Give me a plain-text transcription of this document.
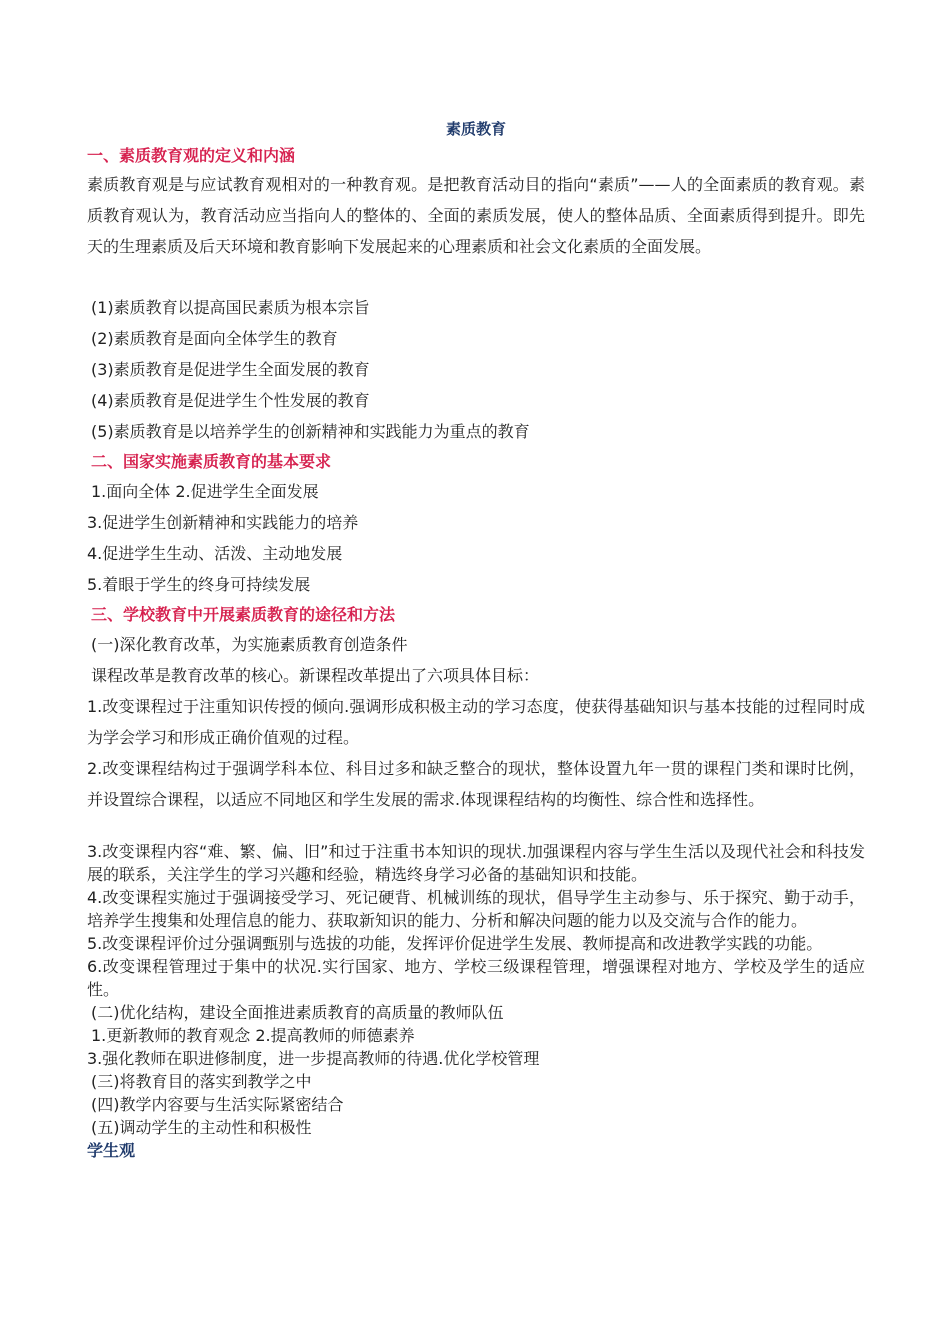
素质教育

一、素质教育观的定义和内涵

素质教育观是与应试教育观相对的一种教育观。是把教育活动目的指向“素质”——人的全面素质的教育观。素质教育观认为，教育活动应当指向人的整体的、全面的素质发展，使人的整体品质、全面素质得到提升。即先天的生理素质及后天环境和教育影响下发展起来的心理素质和社会文化素质的全面发展。

(1)素质教育以提高国民素质为根本宗旨

(2)素质教育是面向全体学生的教育

(3)素质教育是促进学生全面发展的教育

(4)素质教育是促进学生个性发展的教育

(5)素质教育是以培养学生的创新精神和实践能力为重点的教育

二、国家实施素质教育的基本要求

1.面向全体 2.促进学生全面发展

3.促进学生创新精神和实践能力的培养

4.促进学生生动、活泼、主动地发展

5.着眼于学生的终身可持续发展

三、学校教育中开展素质教育的途径和方法

(一)深化教育改革，为实施素质教育创造条件

课程改革是教育改革的核心。新课程改革提出了六项具体目标：

1.改变课程过于注重知识传授的倾向.强调形成积极主动的学习态度，使获得基础知识与基本技能的过程同时成为学会学习和形成正确价值观的过程。

2.改变课程结构过于强调学科本位、科目过多和缺乏整合的现状，整体设置九年一贯的课程门类和课时比例，并设置综合课程，以适应不同地区和学生发展的需求.体现课程结构的均衡性、综合性和选择性。

3.改变课程内容“难、繁、偏、旧”和过于注重书本知识的现状.加强课程内容与学生生活以及现代社会和科技发展的联系，关注学生的学习兴趣和经验，精选终身学习必备的基础知识和技能。

4.改变课程实施过于强调接受学习、死记硬背、机械训练的现状，倡导学生主动参与、乐于探究、勤于动手，培养学生搜集和处理信息的能力、获取新知识的能力、分析和解决问题的能力以及交流与合作的能力。

5.改变课程评价过分强调甄别与选拔的功能，发挥评价促进学生发展、教师提高和改进教学实践的功能。

6.改变课程管理过于集中的状况.实行国家、地方、学校三级课程管理，增强课程对地方、学校及学生的适应性。

(二)优化结构，建设全面推进素质教育的高质量的教师队伍

1.更新教师的教育观念 2.提高教师的师德素养

3.强化教师在职进修制度，进一步提高教师的待遇.优化学校管理

(三)将教育目的落实到教学之中

(四)教学内容要与生活实际紧密结合

(五)调动学生的主动性和积极性

学生观
